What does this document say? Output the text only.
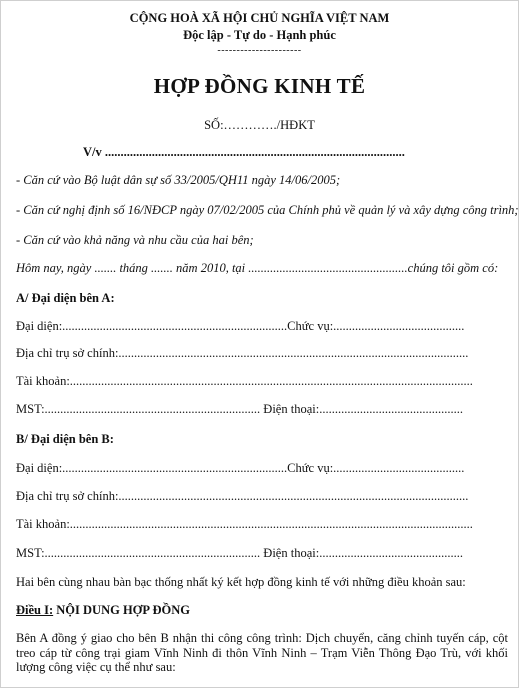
CỘNG HOÀ XÃ HỘI CHỦ NGHĨA VIỆT NAM
Độc lập - Tự do - Hạnh phúc
----------------------
HỢP ĐỒNG KINH TẾ
SỐ:…………./HĐKT
V/v ................................................................................................
- Căn cứ vào Bộ luật dân sự số 33/2005/QH11 ngày 14/06/2005;
- Căn cứ nghị định số 16/NĐCP ngày 07/02/2005 của Chính phủ về quản lý và xây dựng công trình;
- Căn cứ vào khả năng và nhu cầu của hai bên;
Hôm nay, ngày ....... tháng ....... năm 2010, tại ...................................................chúng tôi gồm có:
A/ Đại diện bên A:
Đại diện:........................................................................Chức vụ:..........................................
Địa chỉ trụ sở chính:................................................................................................................
Tài khoản:.................................................................................................................................
MST:..................................................................... Điện thoại:..............................................
B/ Đại diện bên B:
Đại diện:........................................................................Chức vụ:..........................................
Địa chỉ trụ sở chính:................................................................................................................
Tài khoản:.................................................................................................................................
MST:..................................................................... Điện thoại:..............................................
Hai bên cùng nhau bàn bạc thống nhất ký kết hợp đồng kinh tế với những điều khoản sau:
Điều I: NỘI DUNG HỢP ĐỒNG
Bên A đồng ý giao cho bên B nhận thi công công trình: Dịch chuyển, căng chỉnh tuyến cáp, cột treo cáp từ công trại giam Vĩnh Ninh đi thôn Vĩnh Ninh – Trạm Viễn Thông Đạo Trù, với khối lượng công việc cụ thể như sau:
